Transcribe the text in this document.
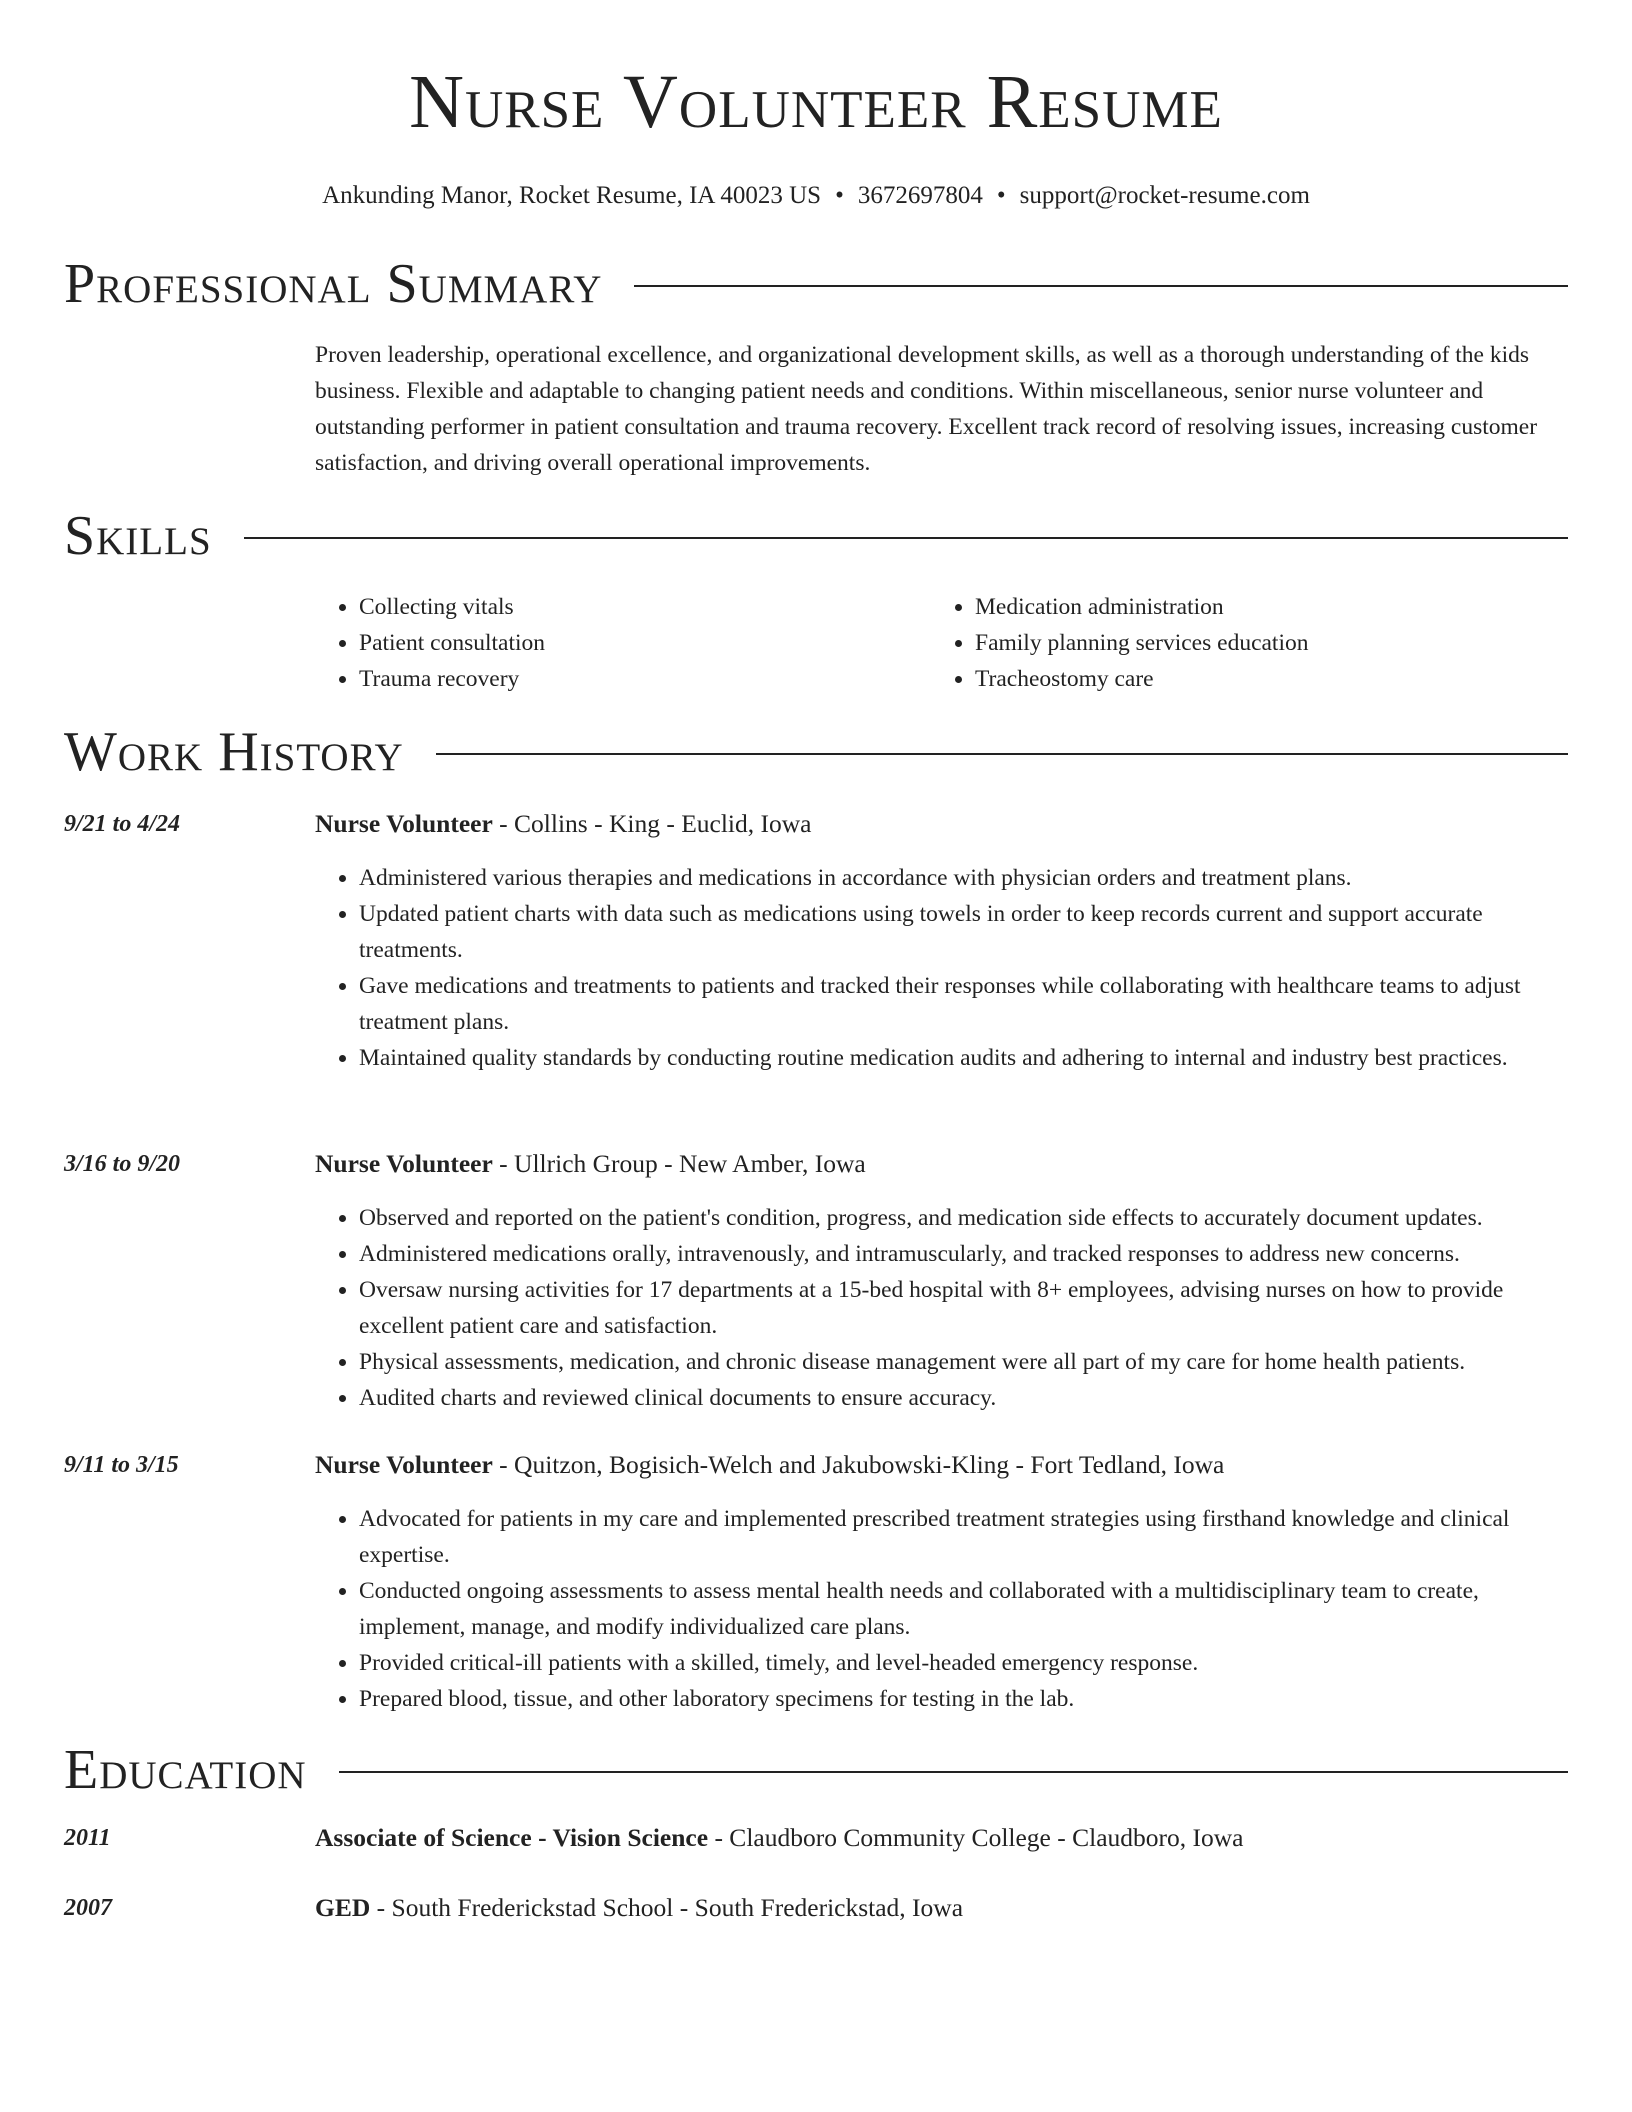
Nurse Volunteer Resume
Ankunding Manor, Rocket Resume, IA 40023 US • 3672697804 • support@rocket-resume.com
Professional Summary

Proven leadership, operational excellence, and organizational development skills, as well as a thorough understanding of the kids business. Flexible and adaptable to changing patient needs and conditions. Within miscellaneous, senior nurse volunteer and outstanding performer in patient consultation and trauma recovery. Excellent track record of resolving issues, increasing customer satisfaction, and driving overall operational improvements.

Skills
• Collecting vitals
• Patient consultation
• Trauma recovery
• Medication administration
• Family planning services education
• Tracheostomy care
Work History
9/21 to 4/24	Nurse Volunteer - Collins - King - Euclid, Iowa
• Administered various therapies and medications in accordance with physician orders and treatment plans.
• Updated patient charts with data such as medications using towels in order to keep records current and support accurate treatments.
• Gave medications and treatments to patients and tracked their responses while collaborating with healthcare teams to adjust treatment plans.
• Maintained quality standards by conducting routine medication audits and adhering to internal and industry best practices.
3/16 to 9/20	Nurse Volunteer - Ullrich Group - New Amber, Iowa
• Observed and reported on the patient's condition, progress, and medication side effects to accurately document updates.
• Administered medications orally, intravenously, and intramuscularly, and tracked responses to address new concerns.
• Oversaw nursing activities for 17 departments at a 15-bed hospital with 8+ employees, advising nurses on how to provide excellent patient care and satisfaction.
• Physical assessments, medication, and chronic disease management were all part of my care for home health patients.
• Audited charts and reviewed clinical documents to ensure accuracy.
9/11 to 3/15	Nurse Volunteer - Quitzon, Bogisich-Welch and Jakubowski-Kling - Fort Tedland, Iowa
• Advocated for patients in my care and implemented prescribed treatment strategies using firsthand knowledge and clinical expertise.
• Conducted ongoing assessments to assess mental health needs and collaborated with a multidisciplinary team to create, implement, manage, and modify individualized care plans.
• Provided critical-ill patients with a skilled, timely, and level-headed emergency response.
• Prepared blood, tissue, and other laboratory specimens for testing in the lab.
Education
2011	Associate of Science - Vision Science - Claudboro Community College - Claudboro, Iowa
2007	GED - South Frederickstad School - South Frederickstad, Iowa
